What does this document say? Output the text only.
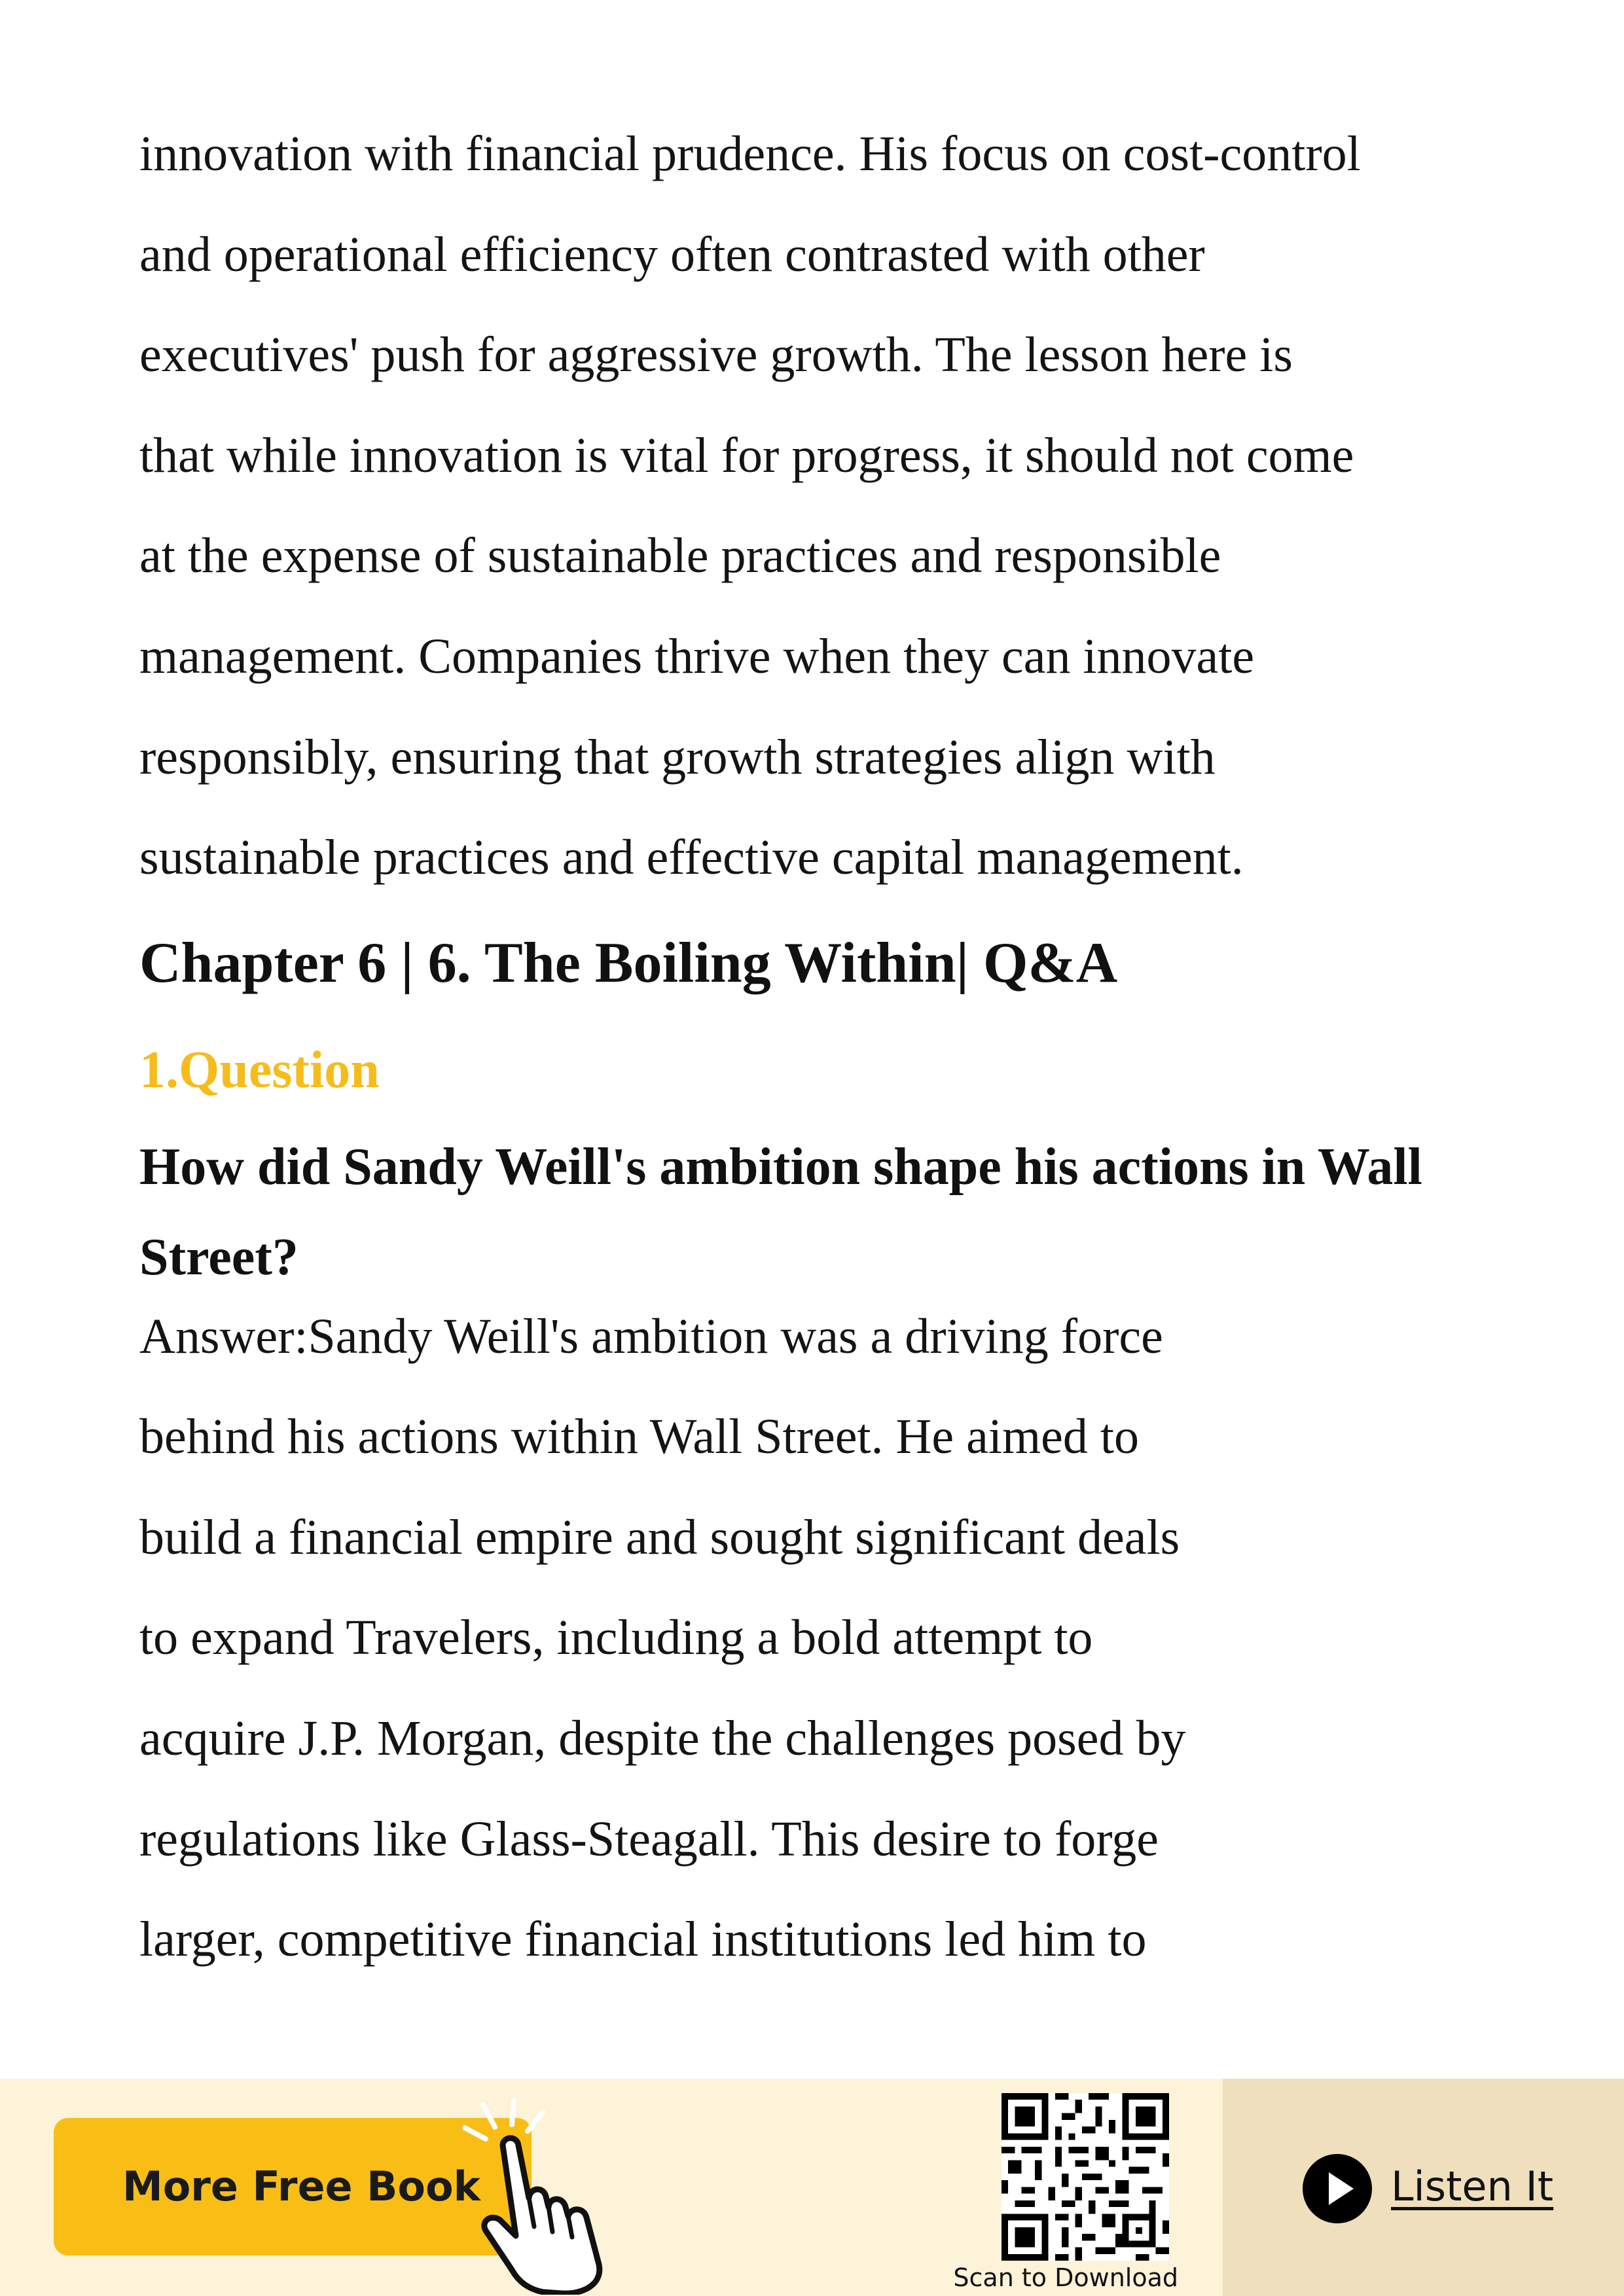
innovation with financial prudence. His focus on cost-control
and operational efficiency often contrasted with other
executives' push for aggressive growth. The lesson here is
that while innovation is vital for progress, it should not come
at the expense of sustainable practices and responsible
management. Companies thrive when they can innovate
responsibly, ensuring that growth strategies align with
sustainable practices and effective capital management.
Chapter 6 | 6. The Boiling Within| Q&A
1.Question
How did Sandy Weill's ambition shape his actions in Wall
Street?
Answer:Sandy Weill's ambition was a driving force
behind his actions within Wall Street. He aimed to
build a financial empire and sought significant deals
to expand Travelers, including a bold attempt to
acquire J.P. Morgan, despite the challenges posed by
regulations like Glass-Steagall. This desire to forge
larger, competitive financial institutions led him to
More Free Book
Scan to Download
Listen It
